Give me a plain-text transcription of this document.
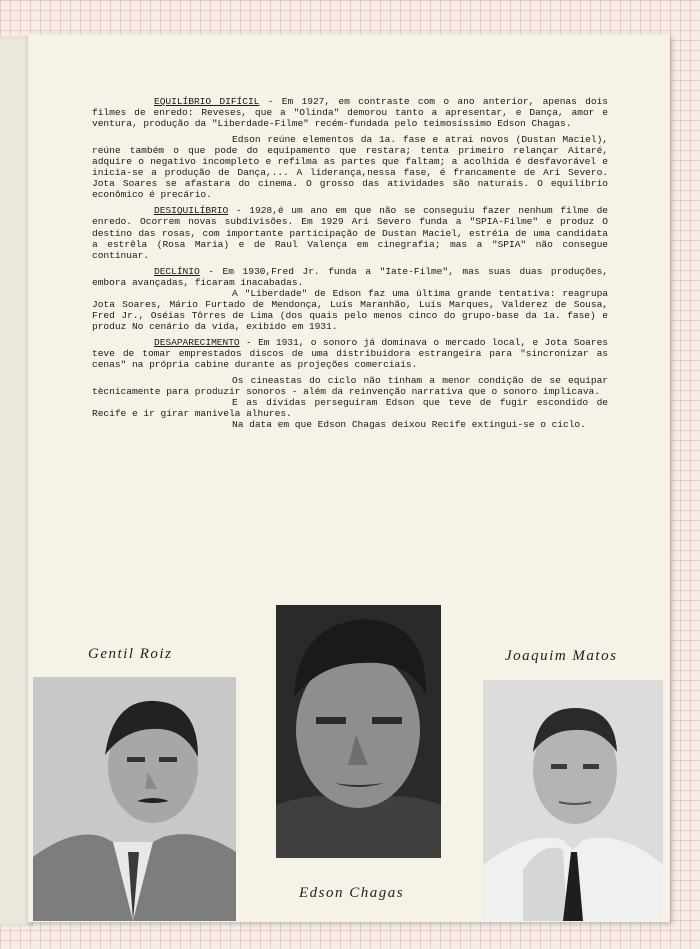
EQUILÍBRIO DIFÍCIL - Em 1927, em contraste com o ano anterior, apenas dois filmes de enredo: Reveses, que a "Olinda" demorou tanto a apresentar, e Dança, amor e ventura, produção da "Liberdade-Filme" recém-fundada pelo teimosíssimo Edson Chagas.

Edson reúne elementos da 1a. fase e atrai novos (Dustan Maciel), reúne também o que pode do equipamento que restara; tenta primeiro relançar Aitaré, adquire o negativo incompleto e refilma as partes que faltam; a acolhida é desfavorável e inicia-se a produção de Dança,... A liderança,nessa fase, é francamente de Ari Severo. Jota Soares se afastara do cinema. O grosso das atividades são naturais. O equilíbrio econômico é precário.

DESIQUILÍBRIO - 1928,é um ano em que não se conseguiu fazer nenhum filme de enredo. Ocorrem novas subdivisões. Em 1929 Ari Severo funda a "SPIA-Filme" e produz O destino das rosas, com importante participação de Dustan Maciel, estréia de uma candidata a estrêla (Rosa Maria) e de Raul Valença em cinegrafia; mas a "SPIA" não consegue continuar.

DECLÍNIO - Em 1930,Fred Jr. funda a "Iate-Filme", mas suas duas produções, embora avançadas, ficaram inacabadas.

A "Liberdade" de Edson faz uma última grande tentativa: reagrupa Jota Soares, Mário Furtado de Mendonça, Luís Maranhão, Luís Marques, Valderez de Sousa, Fred Jr., Oséias Tôrres de Lima (dos quais pelo menos cinco do grupo-base da 1a. fase) e produz No cenário da vida, exibido em 1931.

DESAPARECIMENTO - Em 1931, o sonoro já dominava o mercado local, e Jota Soares teve de tomar emprestados discos de uma distribuidora estrangeira para "sincronizar as cenas" na própria cabine durante as projeções comerciais.

Os cineastas do ciclo não tinham a menor condição de se equipar tècnicamente para produzir sonoros - além da reinvenção narrativa que o sonoro implicava.

E as dívidas perseguiram Edson que teve de fugir escondido de Recife e ir girar manivela alhures.

Na data em que Edson Chagas deixou Recife extingui-se o ciclo.

Gentil Roiz	Joaquim Matos
Edson Chagas
